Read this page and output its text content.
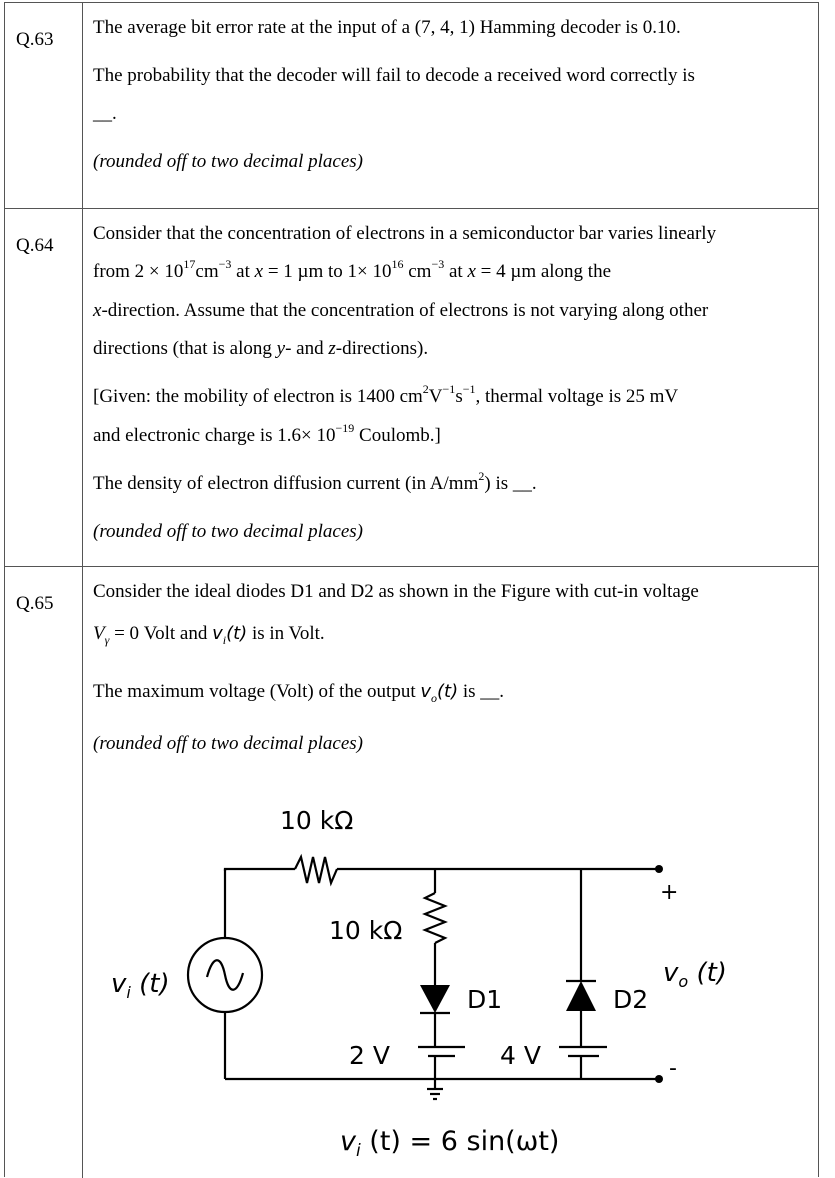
Q.63
The average bit error rate at the input of a (7, 4, 1) Hamming decoder is 0.10.
The probability that the decoder will fail to decode a received word correctly is
__.
(rounded off to two decimal places)
Q.64
Consider that the concentration of electrons in a semiconductor bar varies linearly
from $2 \times 10^{17}cm^{-3}$ at x = 1 µm to $1\times 10^{16}$ $cm^{-3}$ at x = 4 µm along the
x-direction. Assume that the concentration of electrons is not varying along other
directions (that is along y- and z-directions).
[Given: the mobility of electron is 1400 $cm^2V^{-1}s^{-1}$, thermal voltage is 25 mV
and electronic charge is $1.6\times 10^{-19}$ Coulomb.]
The density of electron diffusion current (in $A/mm^2$) is __.
(rounded off to two decimal places)
Q.65
Consider the ideal diodes D1 and D2 as shown in the Figure with cut-in voltage
$V_\gamma = 0$ Volt and $v_i(t)$ is in Volt.
The maximum voltage (Volt) of the output $v_o(t)$ is __.
(rounded off to two decimal places)
10 kΩ
10 kΩ
D1	D2
2 V	4 V
+
-
$v_i$ (t)	$v_o$ (t)
$v_i$ (t) = 6 sin(ωt)
